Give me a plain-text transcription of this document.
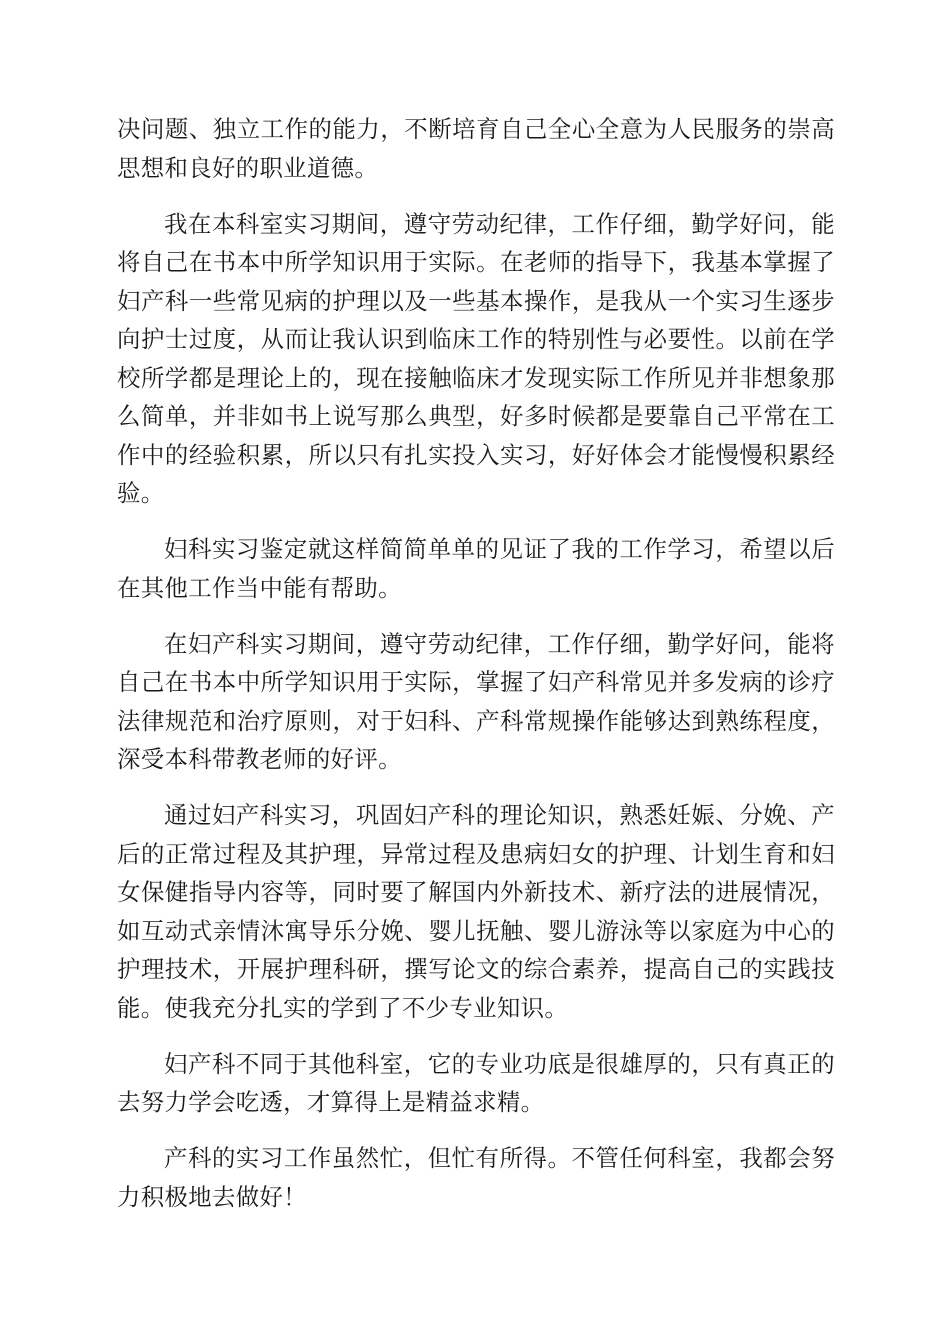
决问题、独立工作的能力，不断培育自己全心全意为人民服务的崇高思想和良好的职业道德。

我在本科室实习期间，遵守劳动纪律，工作仔细，勤学好问，能将自己在书本中所学知识用于实际。在老师的指导下，我基本掌握了妇产科一些常见病的护理以及一些基本操作，是我从一个实习生逐步向护士过度，从而让我认识到临床工作的特别性与必要性。以前在学校所学都是理论上的，现在接触临床才发现实际工作所见并非想象那么简单，并非如书上说写那么典型，好多时候都是要靠自己平常在工作中的经验积累，所以只有扎实投入实习，好好体会才能慢慢积累经验。

妇科实习鉴定就这样简简单单的见证了我的工作学习，希望以后在其他工作当中能有帮助。

在妇产科实习期间，遵守劳动纪律，工作仔细，勤学好问，能将自己在书本中所学知识用于实际，掌握了妇产科常见并多发病的诊疗法律规范和治疗原则，对于妇科、产科常规操作能够达到熟练程度，深受本科带教老师的好评。

通过妇产科实习，巩固妇产科的理论知识，熟悉妊娠、分娩、产后的正常过程及其护理，异常过程及患病妇女的护理、计划生育和妇女保健指导内容等，同时要了解国内外新技术、新疗法的进展情况，如互动式亲情沐寓导乐分娩、婴儿抚触、婴儿游泳等以家庭为中心的护理技术，开展护理科研，撰写论文的综合素养，提高自己的实践技能。使我充分扎实的学到了不少专业知识。

妇产科不同于其他科室，它的专业功底是很雄厚的，只有真正的去努力学会吃透，才算得上是精益求精。

产科的实习工作虽然忙，但忙有所得。不管任何科室，我都会努力积极地去做好！
